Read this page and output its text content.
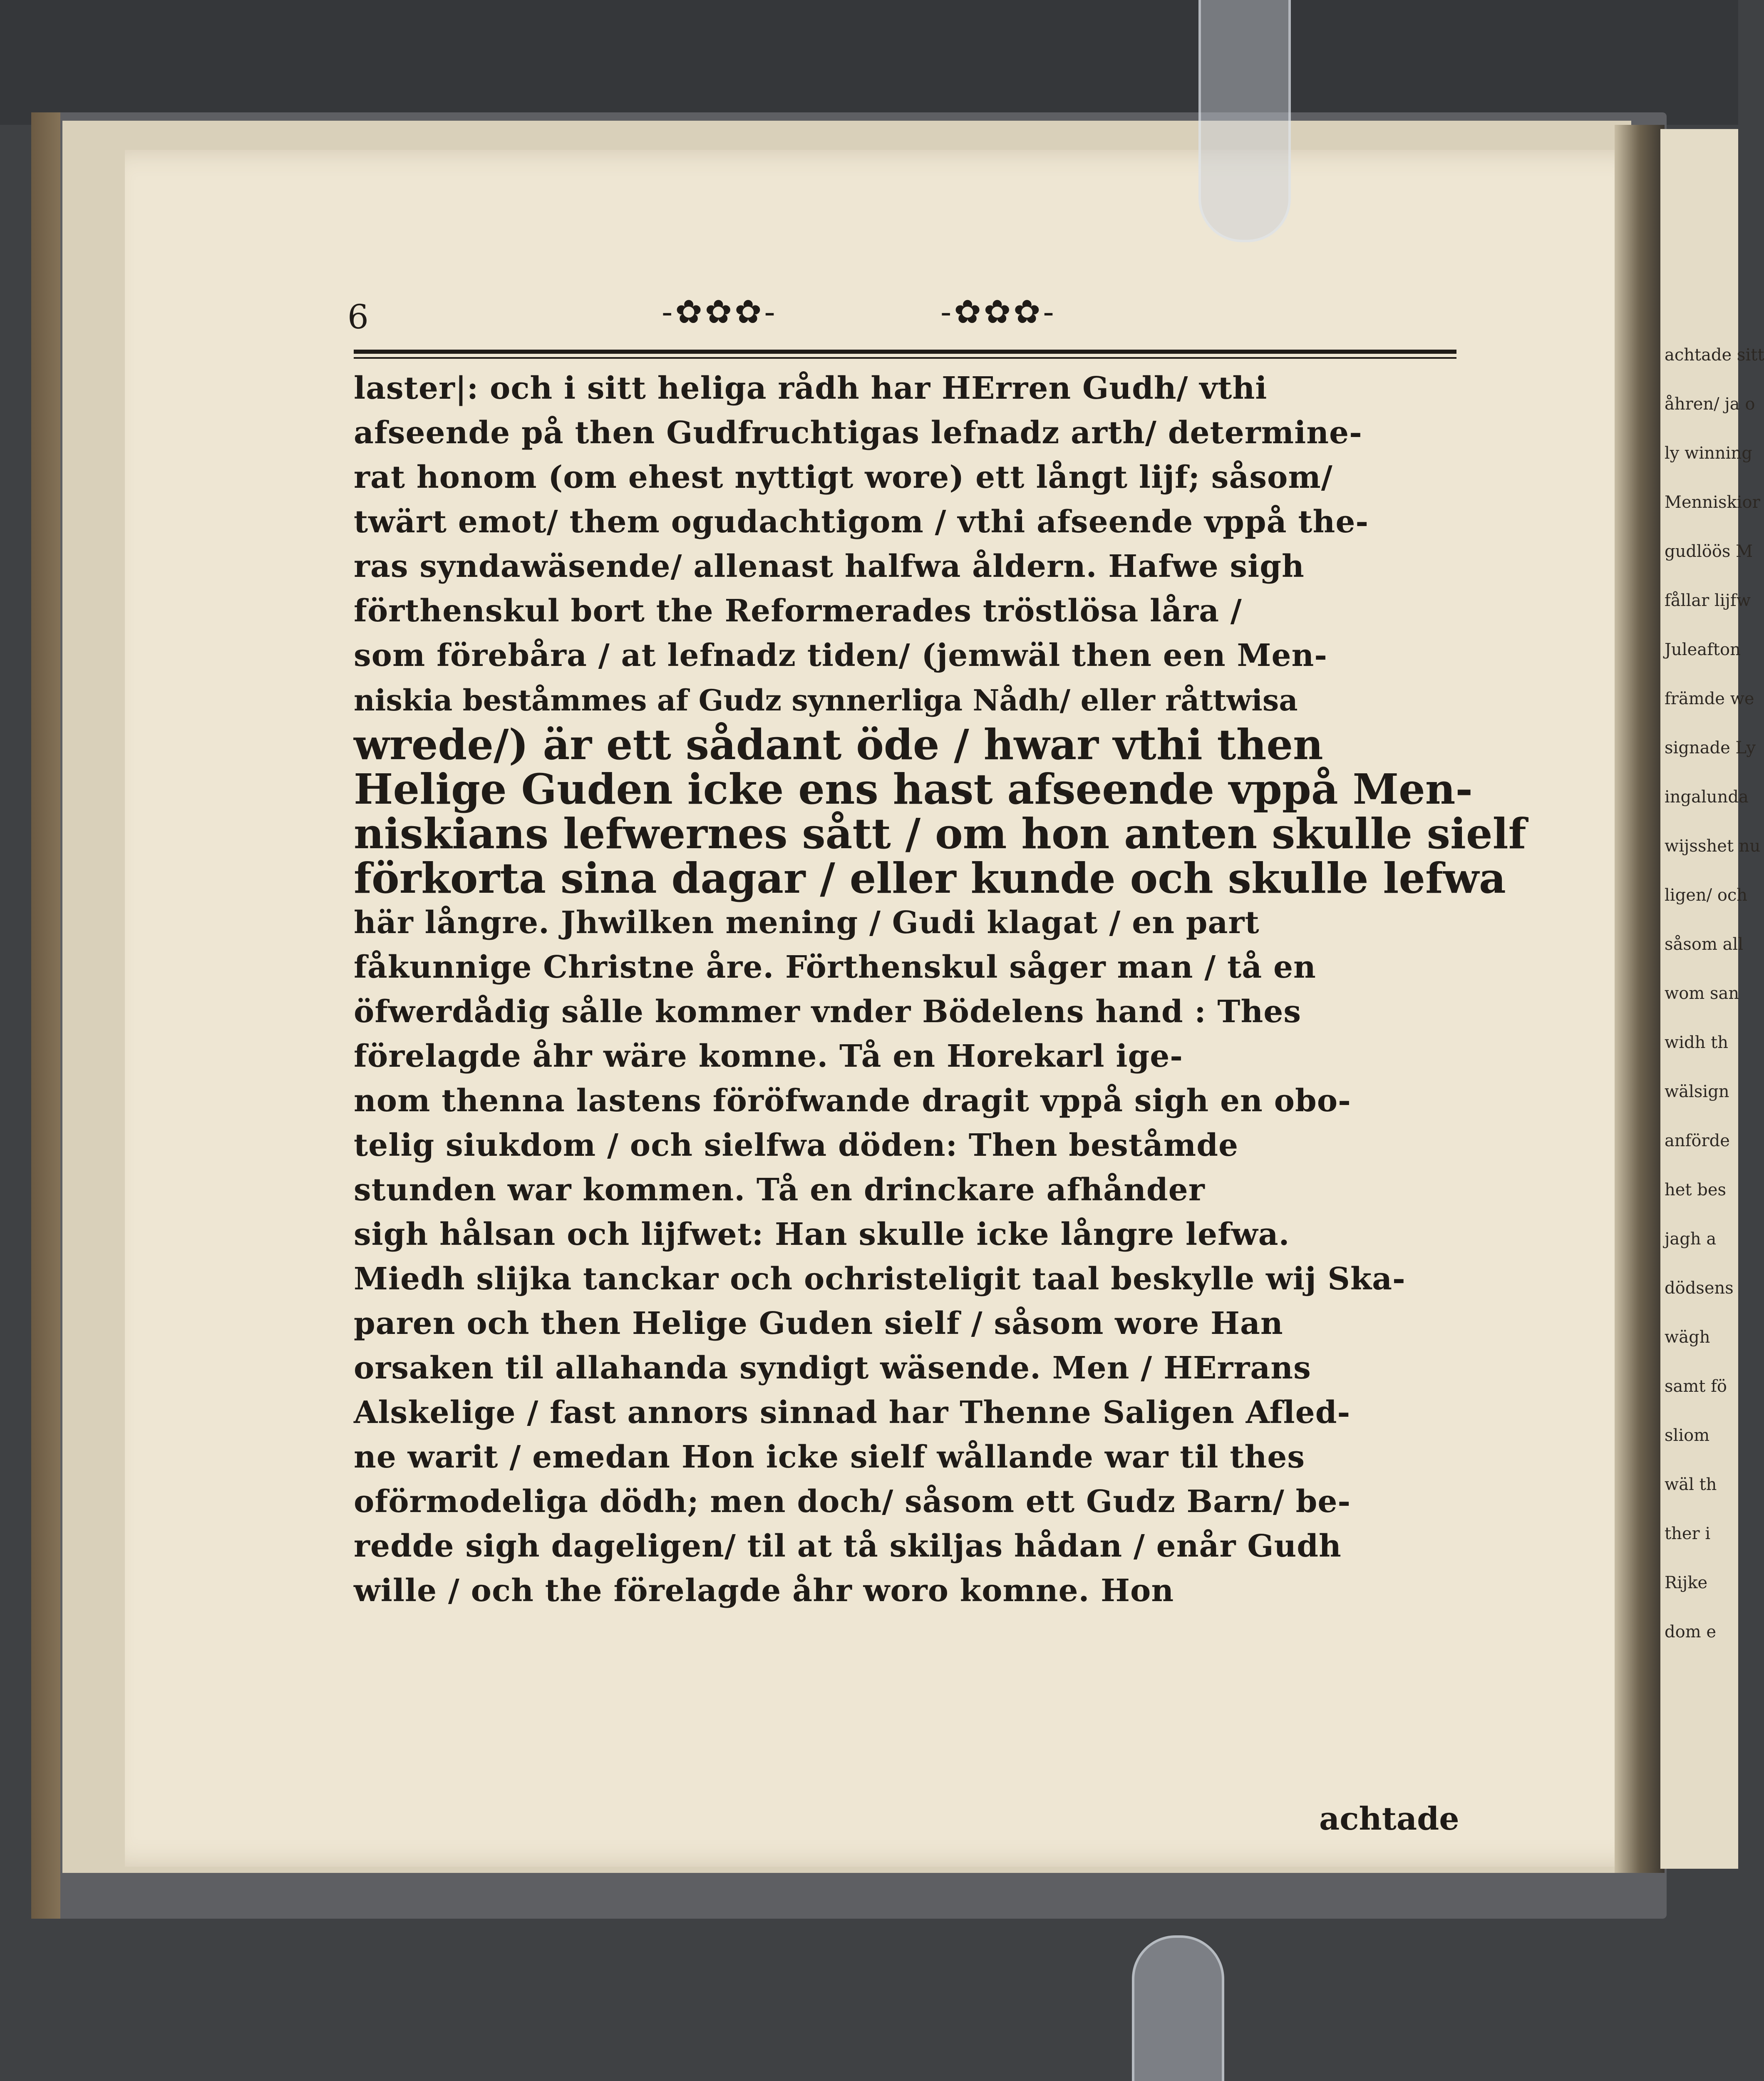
achtade sitt
åhren/ ja o
ly winning
Menniskior
gudlöös M
fållar lijfw
Juleafton
främde we
signade Ly
ingalunda
wijsshet nu
ligen/ och
såsom all
wom san
widh th
wälsign
anförde
het bes
jagh a
dödsens
wägh
samt fö
sliom
wäl th
ther i
Rijke
dom e
6	-✿✿✿-	-✿✿✿-
laster|: och i sitt heliga rådh har HErren Gudh/ vthi
afseende på then Gudfruchtigas lefnadz arth/ determine-
rat honom (om ehest nyttigt wore) ett långt lijf; såsom/
twärt emot/ them ogudachtigom / vthi afseende vppå the-
ras syndawäsende/ allenast halfwa åldern. Hafwe sigh
förthenskul bort the Reformerades tröstlösa låra /
som förebåra / at lefnadz tiden/ (jemwäl then een Men-
niskia beståmmes af Gudz synnerliga Nådh/ eller råttwisa
wrede/) är ett sådant öde / hwar vthi then
Helige Guden icke ens hast afseende vppå Men-
niskians lefwernes sått / om hon anten skulle sielf
förkorta sina dagar / eller kunde och skulle lefwa
här långre. Jhwilken mening / Gudi klagat / en part
fåkunnige Christne åre. Förthenskul såger man / tå en
öfwerdådig sålle kommer vnder Bödelens hand : Thes
förelagde åhr wäre komne. Tå en Horekarl ige-
nom thenna lastens föröfwande dragit vppå sigh en obo-
telig siukdom / och sielfwa döden: Then beståmde
stunden war kommen. Tå en drinckare afhånder
sigh hålsan och lijfwet: Han skulle icke långre lefwa.
Miedh slijka tanckar och ochristeligit taal beskylle wij Ska-
paren och then Helige Guden sielf / såsom wore Han
orsaken til allahanda syndigt wäsende. Men / HErrans
Alskelige / fast annors sinnad har Thenne Saligen Afled-
ne warit / emedan Hon icke sielf wållande war til thes
oförmodeliga dödh; men doch/ såsom ett Gudz Barn/ be-
redde sigh dageligen/ til at tå skiljas hådan / enår Gudh
wille / och the förelagde åhr woro komne. Hon
achtade
